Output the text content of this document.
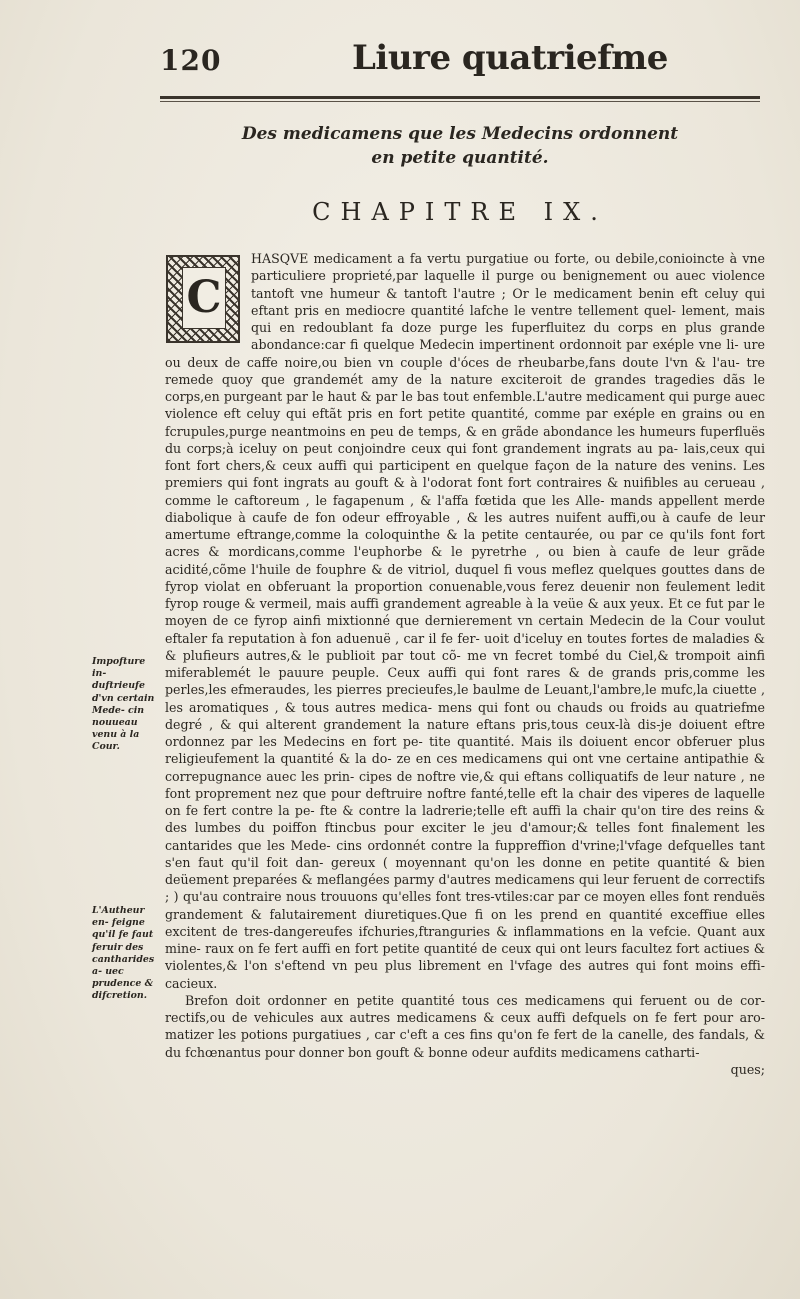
120	Liure quatriefme
Des medicamens que les Medecins ordonnent en petite quantité.
CHAPITRE IX.
C

HASQVE medicament a fa vertu purgatiue ou forte, ou debile,conioincte à vne particuliere proprieté,par laquelle il purge ou benignement ou auec violence tantoft vne humeur & tantoft l'autre ; Or le medicament benin eft celuy qui eftant pris en mediocre quantité lafche le ventre tellement quel- lement, mais qui en redoublant fa doze purge les fuperfluitez du corps en plus grande abondance:car fi quelque Medecin impertinent ordonnoit par exéple vne li- ure ou deux de caffe noire,ou bien vn couple d'óces de rheubarbe,fans doute l'vn & l'au- tre remede quoy que grandemét amy de la nature exciteroit de grandes tragedies dãs le corps,en purgeant par le haut & par le bas tout enfemble.L'autre medicament qui purge auec violence eft celuy qui eftãt pris en fort petite quantité, comme par exéple en grains ou en fcrupules,purge neantmoins en peu de temps, & en grãde abondance les humeurs fuperfluës du corps;à iceluy on peut conjoindre ceux qui font grandement ingrats au pa- lais,ceux qui font fort chers,& ceux auffi qui participent en quelque façon de la nature des venins. Les premiers qui font ingrats au gouft & à l'odorat font fort contraires & nuifibles au cerueau , comme le caftoreum , le fagapenum , & l'affa fœtida que les Alle- mands appellent merde diabolique à caufe de fon odeur effroyable , & les autres nuifent auffi,ou à caufe de leur amertume eftrange,comme la coloquinthe & la petite centaurée, ou par ce qu'ils font fort acres & mordicans,comme l'euphorbe & le pyretrhe , ou bien à caufe de leur grãde acidité,cõme l'huile de fouphre & de vitriol, duquel fi vous meflez quelques gouttes dans de fyrop violat en obferuant la proportion conuenable,vous ferez deuenir non feulement ledit fyrop rouge & vermeil, mais auffi grandement agreable à la veüe & aux yeux. Et ce fut par le moyen de ce fyrop ainfi mixtionné que dernierement vn certain Medecin de la Cour voulut eftaler fa reputation à fon aduenuë , car il fe fer- uoit d'iceluy en toutes fortes de maladies & & plufieurs autres,& le publioit par tout cõ- me vn fecret tombé du Ciel,& trompoit ainfi miferablemét le pauure peuple. Ceux auffi qui font rares & de grands pris,comme les perles,les efmeraudes, les pierres precieufes,le baulme de Leuant,l'ambre,le mufc,la ciuette , les aromatiques , & tous autres medica- mens qui font ou chauds ou froids au quatriefme degré , & qui alterent grandement la nature eftans pris,tous ceux-là dis-je doiuent eftre ordonnez par les Medecins en fort pe- tite quantité. Mais ils doiuent encor obferuer plus religieufement la quantité & la do- ze en ces medicamens qui ont vne certaine antipathie & correpugnance auec les prin- cipes de noftre vie,& qui eftans colliquatifs de leur nature , ne font proprement nez que pour deftruire noftre fanté,telle eft la chair des viperes de laquelle on fe fert contre la pe- fte & contre la ladrerie;telle eft auffi la chair qu'on tire des reins & des lumbes du poiffon ftincbus pour exciter le jeu d'amour;& telles font finalement les cantarides que les Mede- cins ordonnét contre la fuppreffion d'vrine;l'vfage defquelles tant s'en faut qu'il foit dan- gereux ( moyennant qu'on les donne en petite quantité & bien deüement preparées & meflangées parmy d'autres medicamens qui leur feruent de correctifs ; ) qu'au contraire nous trouuons qu'elles font tres-vtiles:car par ce moyen elles font renduës grandement & falutairement diuretiques.Que fi on les prend en quantité exceffiue elles excitent de tres-dangereufes ifchuries,ftranguries & inflammations en la vefcie. Quant aux mine- raux on fe fert auffi en fort petite quantité de ceux qui ont leurs facultez fort actiues & violentes,& l'on s'eftend vn peu plus librement en l'vfage des autres qui font moins effi- cacieux.

Brefon doit ordonner en petite quantité tous ces medicamens qui feruent ou de cor- rectifs,ou de vehicules aux autres medicamens & ceux auffi defquels on fe fert pour aro- matizer les potions purgatiues , car c'eft a ces fins qu'on fe fert de la canelle, des fandals, & du fchœnantus pour donner bon gouft & bonne odeur aufdits medicamens catharti-

ques;

Impofture in- duftrieufe d'vn certain Mede- cin nouueau venu à la Cour.
L'Autheur en- feigne qu'il fe faut feruir des cantharides a- uec prudence & difcretion.
